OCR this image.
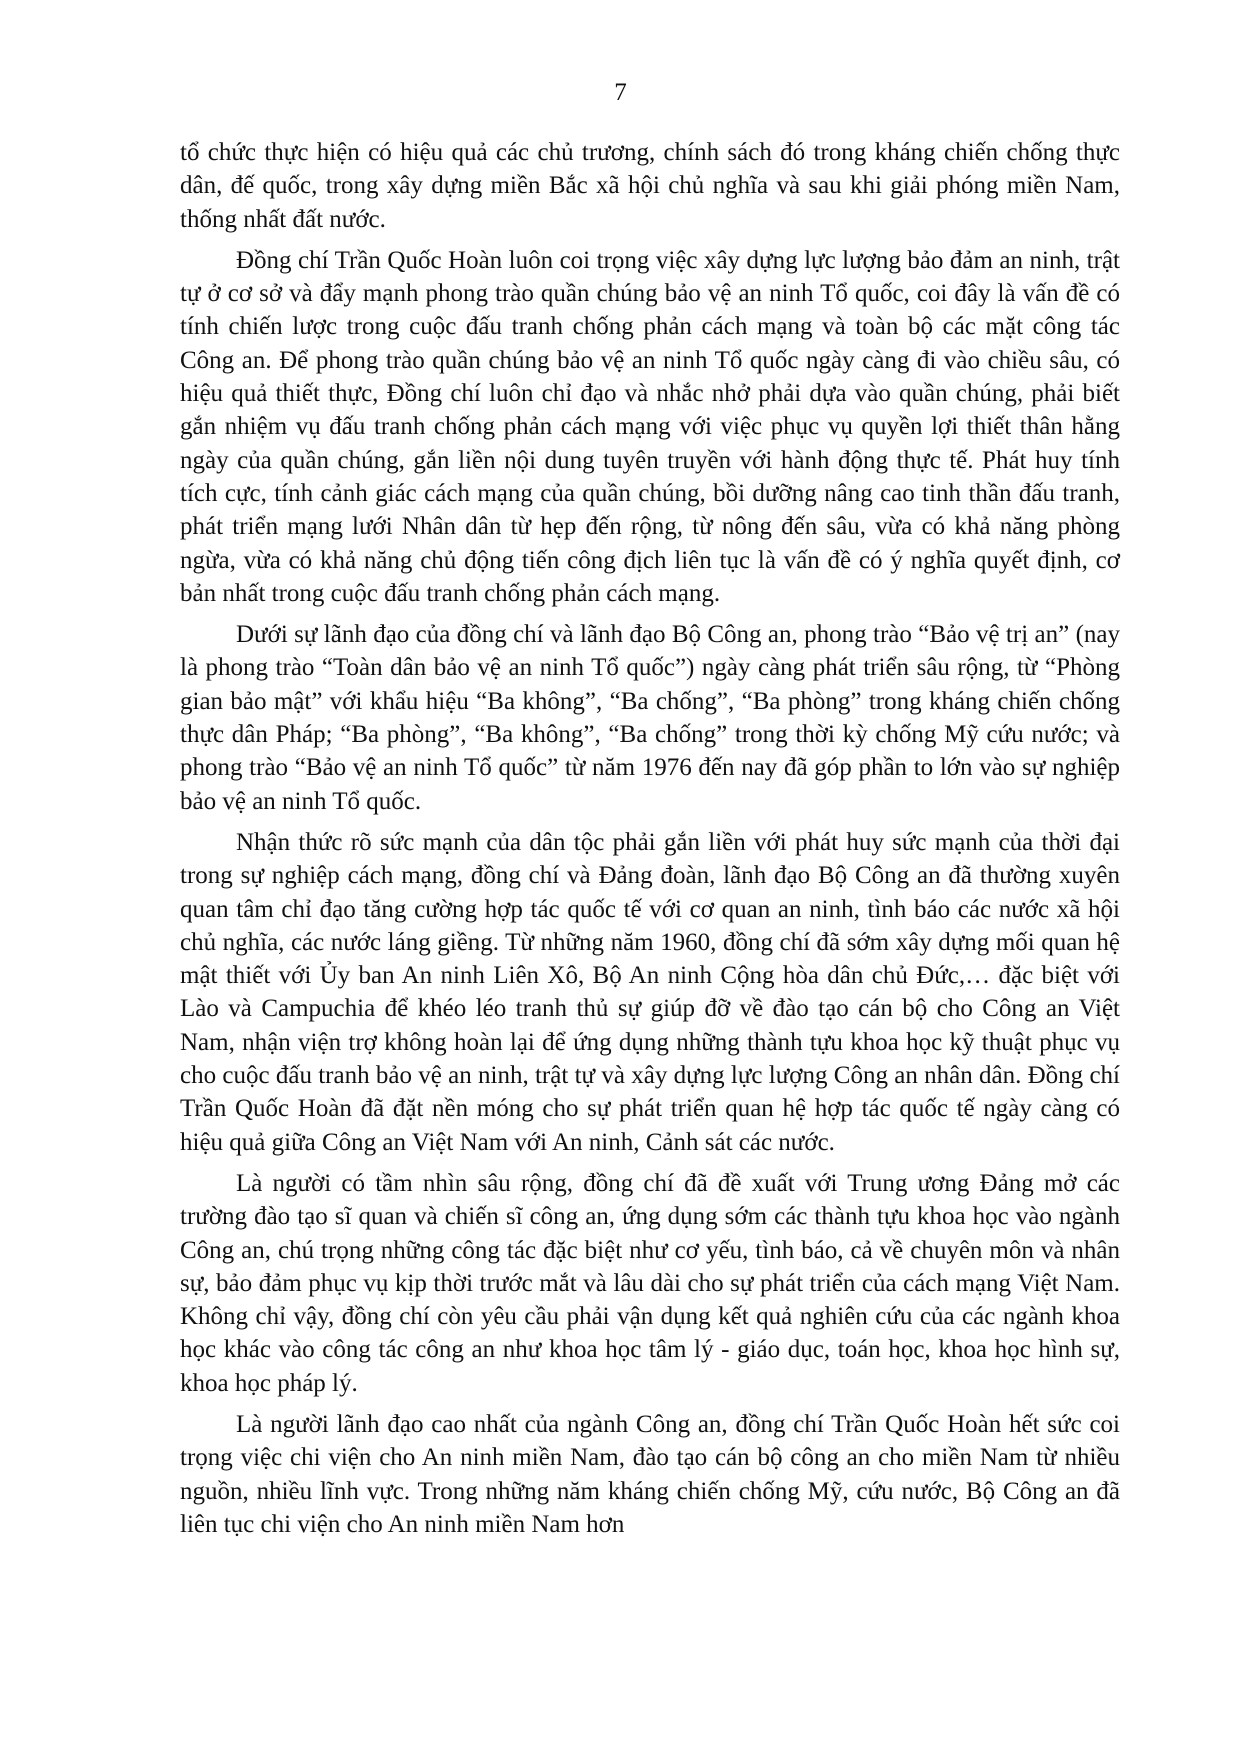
7

tổ chức thực hiện có hiệu quả các chủ trương, chính sách đó trong kháng chiến chống thực dân, đế quốc, trong xây dựng miền Bắc xã hội chủ nghĩa và sau khi giải phóng miền Nam, thống nhất đất nước.

Đồng chí Trần Quốc Hoàn luôn coi trọng việc xây dựng lực lượng bảo đảm an ninh, trật tự ở cơ sở và đẩy mạnh phong trào quần chúng bảo vệ an ninh Tổ quốc, coi đây là vấn đề có tính chiến lược trong cuộc đấu tranh chống phản cách mạng và toàn bộ các mặt công tác Công an. Để phong trào quần chúng bảo vệ an ninh Tổ quốc ngày càng đi vào chiều sâu, có hiệu quả thiết thực, Đồng chí luôn chỉ đạo và nhắc nhở phải dựa vào quần chúng, phải biết gắn nhiệm vụ đấu tranh chống phản cách mạng với việc phục vụ quyền lợi thiết thân hằng ngày của quần chúng, gắn liền nội dung tuyên truyền với hành động thực tế. Phát huy tính tích cực, tính cảnh giác cách mạng của quần chúng, bồi dưỡng nâng cao tinh thần đấu tranh, phát triển mạng lưới Nhân dân từ hẹp đến rộng, từ nông đến sâu, vừa có khả năng phòng ngừa, vừa có khả năng chủ động tiến công địch liên tục là vấn đề có ý nghĩa quyết định, cơ bản nhất trong cuộc đấu tranh chống phản cách mạng.

Dưới sự lãnh đạo của đồng chí và lãnh đạo Bộ Công an, phong trào “Bảo vệ trị an” (nay là phong trào “Toàn dân bảo vệ an ninh Tổ quốc”) ngày càng phát triển sâu rộng, từ “Phòng gian bảo mật” với khẩu hiệu “Ba không”, “Ba chống”, “Ba phòng” trong kháng chiến chống thực dân Pháp; “Ba phòng”, “Ba không”, “Ba chống” trong thời kỳ chống Mỹ cứu nước; và phong trào “Bảo vệ an ninh Tổ quốc” từ năm 1976 đến nay đã góp phần to lớn vào sự nghiệp bảo vệ an ninh Tổ quốc.

Nhận thức rõ sức mạnh của dân tộc phải gắn liền với phát huy sức mạnh của thời đại trong sự nghiệp cách mạng, đồng chí và Đảng đoàn, lãnh đạo Bộ Công an đã thường xuyên quan tâm chỉ đạo tăng cường hợp tác quốc tế với cơ quan an ninh, tình báo các nước xã hội chủ nghĩa, các nước láng giềng. Từ những năm 1960, đồng chí đã sớm xây dựng mối quan hệ mật thiết với Ủy ban An ninh Liên Xô, Bộ An ninh Cộng hòa dân chủ Đức,… đặc biệt với Lào và Campuchia để khéo léo tranh thủ sự giúp đỡ về đào tạo cán bộ cho Công an Việt Nam, nhận viện trợ không hoàn lại để ứng dụng những thành tựu khoa học kỹ thuật phục vụ cho cuộc đấu tranh bảo vệ an ninh, trật tự và xây dựng lực lượng Công an nhân dân. Đồng chí Trần Quốc Hoàn đã đặt nền móng cho sự phát triển quan hệ hợp tác quốc tế ngày càng có hiệu quả giữa Công an Việt Nam với An ninh, Cảnh sát các nước.

Là người có tầm nhìn sâu rộng, đồng chí đã đề xuất với Trung ương Đảng mở các trường đào tạo sĩ quan và chiến sĩ công an, ứng dụng sớm các thành tựu khoa học vào ngành Công an, chú trọng những công tác đặc biệt như cơ yếu, tình báo, cả về chuyên môn và nhân sự, bảo đảm phục vụ kịp thời trước mắt và lâu dài cho sự phát triển của cách mạng Việt Nam. Không chỉ vậy, đồng chí còn yêu cầu phải vận dụng kết quả nghiên cứu của các ngành khoa học khác vào công tác công an như khoa học tâm lý - giáo dục, toán học, khoa học hình sự, khoa học pháp lý.

Là người lãnh đạo cao nhất của ngành Công an, đồng chí Trần Quốc Hoàn hết sức coi trọng việc chi viện cho An ninh miền Nam, đào tạo cán bộ công an cho miền Nam từ nhiều nguồn, nhiều lĩnh vực. Trong những năm kháng chiến chống Mỹ, cứu nước, Bộ Công an đã liên tục chi viện cho An ninh miền Nam hơn
